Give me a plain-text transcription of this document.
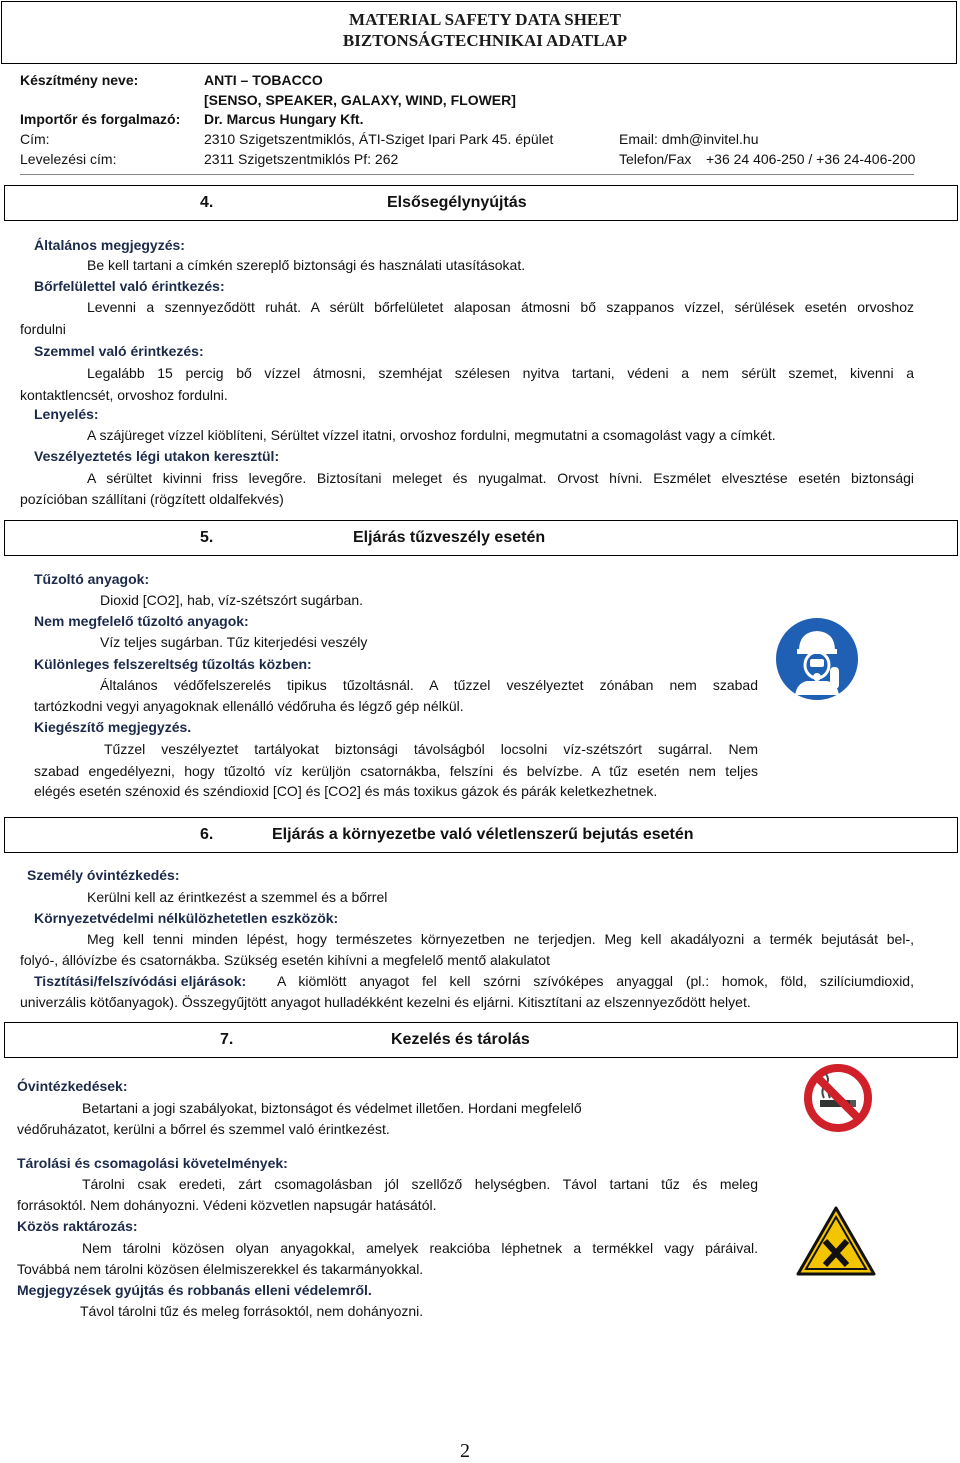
MATERIAL SAFETY DATA SHEET
BIZTONSÁGTECHNIKAI ADATLAP
Készítmény neve:	ANTI – TOBACCO
[SENSO, SPEAKER, GALAXY, WIND, FLOWER]
Importőr és forgalmazó: Dr. Marcus Hungary Kft.
Cím:	2310 Szigetszentmiklós, ÁTI-Sziget Ipari Park 45. épület	Email: dmh@invitel.hu
Levelezési cím:	2311 Szigetszentmiklós Pf: 262	Telefon/Fax +36 24 406-250 / +36 24-406-200
4.	Elsősegélynyújtás
Általános megjegyzés:
Be kell tartani a címkén szereplő biztonsági és használati utasításokat.
Bőrfelülettel való érintkezés:
Levenni a szennyeződött ruhát. A sérült bőrfelületet alaposan átmosni bő szappanos vízzel, sérülések esetén orvoshoz
fordulni
Szemmel való érintkezés:
Legalább 15 percig bő vízzel átmosni, szemhéjat szélesen nyitva tartani, védeni a nem sérült szemet, kivenni a
kontaktlencsét, orvoshoz fordulni.
Lenyelés:
A szájüreget vízzel kiöblíteni, Sérültet vízzel itatni, orvoshoz fordulni, megmutatni a csomagolást vagy a címkét.
Veszélyeztetés légi utakon keresztül:
A sérültet kivinni friss levegőre. Biztosítani meleget és nyugalmat. Orvost hívni. Eszmélet elvesztése esetén biztonsági
pozícióban szállítani (rögzített oldalfekvés)
5.	Eljárás tűzveszély esetén
Tűzoltó anyagok:
Dioxid [CO2], hab, víz-szétszórt sugárban.
Nem megfelelő tűzoltó anyagok:
Víz teljes sugárban. Tűz kiterjedési veszély
Különleges felszereltség tűzoltás közben:
Általános védőfelszerelés tipikus tűzoltásnál. A tűzzel veszélyeztet zónában nem szabad
tartózkodni vegyi anyagoknak ellenálló védőruha és légző gép nélkül.
Kiegészítő megjegyzés.
Tűzzel veszélyeztet tartályokat biztonsági távolságból locsolni víz-szétszórt sugárral. Nem
szabad engedélyezni, hogy tűzoltó víz kerüljön csatornákba, felszíni és belvízbe. A tűz esetén nem teljes
elégés esetén szénoxid és széndioxid [CO] és [CO2] és más toxikus gázok és párák keletkezhetnek.
6.	Eljárás a környezetbe való véletlenszerű bejutás esetén
Személy óvintézkedés:
Kerülni kell az érintkezést a szemmel és a bőrrel
Környezetvédelmi nélkülözhetetlen eszközök:
Meg kell tenni minden lépést, hogy természetes környezetben ne terjedjen. Meg kell akadályozni a termék bejutását bel-,
folyó-, állóvízbe és csatornákba. Szükség esetén kihívni a megfelelő mentő alakulatot
Tisztítási/felszívódási eljárások: A kiömlött anyagot fel kell szórni szívóképes anyaggal (pl.: homok, föld, szilíciumdioxid,
univerzális kötőanyagok). Összegyűjtött anyagot hulladékként kezelni és eljárni. Kitisztítani az elszennyeződött helyet.
7.	Kezelés és tárolás
Óvintézkedések:
Betartani a jogi szabályokat, biztonságot és védelmet illetően. Hordani megfelelő
védőruházatot, kerülni a bőrrel és szemmel való érintkezést.
Tárolási és csomagolási követelmények:
Tárolni csak eredeti, zárt csomagolásban jól szellőző helységben. Távol tartani tűz és meleg
forrásoktól. Nem dohányozni. Védeni közvetlen napsugár hatásától.
Közös raktározás:
Nem tárolni közösen olyan anyagokkal, amelyek reakcióba léphetnek a termékkel vagy páráival.
Továbbá nem tárolni közösen élelmiszerekkel és takarmányokkal.
Megjegyzések gyújtás és robbanás elleni védelemről.
Távol tárolni tűz és meleg forrásoktól, nem dohányozni.
2
